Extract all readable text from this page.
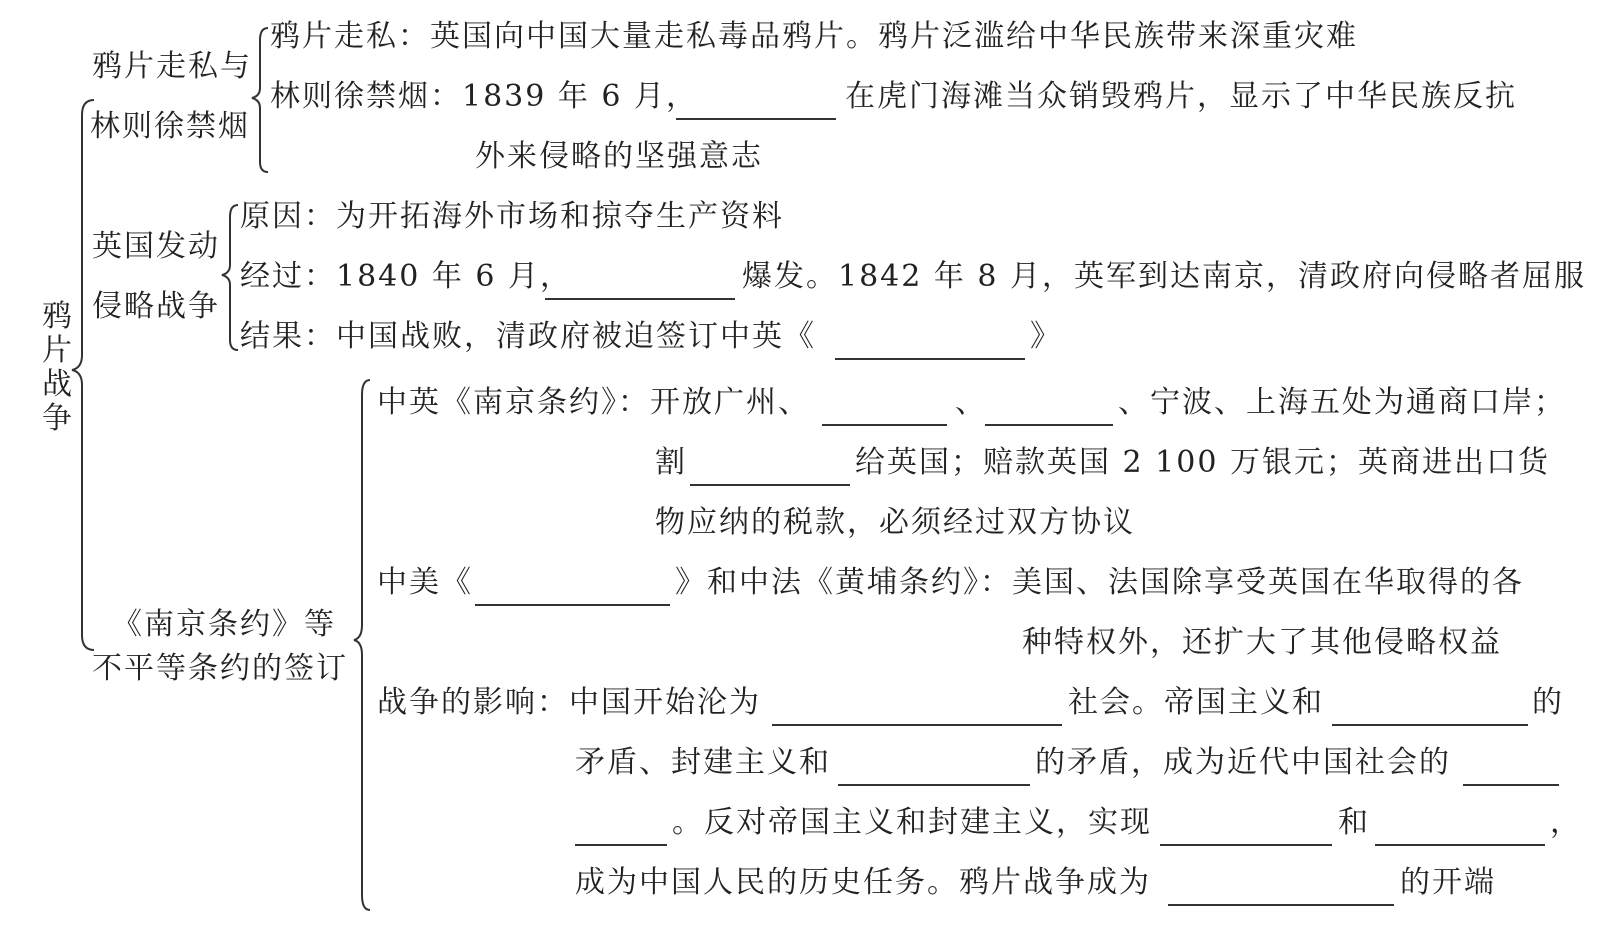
鸦
片
战
争
鸦片走私与
林则徐禁烟
鸦片走私：英国向中国大量走私毒品鸦片。鸦片泛滥给中华民族带来深重灾难
林则徐禁烟：1839 年 6 月，	在虎门海滩当众销毁鸦片，显示了中华民族反抗
外来侵略的坚强意志
英国发动
侵略战争
原因：为开拓海外市场和掠夺生产资料
经过：1840 年 6 月，	爆发。1842 年 8 月，英军到达南京，清政府向侵略者屈服
结果：中国战败，清政府被迫签订中英《	》
《南京条约》等
不平等条约的签订
中英《南京条约》：开放广州、	、	、宁波、上海五处为通商口岸；
割	给英国；赔款英国 2 100 万银元；英商进出口货
物应纳的税款，必须经过双方协议
中美《	》和中法《黄埔条约》：美国、法国除享受英国在华取得的各
种特权外，还扩大了其他侵略权益
战争的影响：中国开始沦为	社会。帝国主义和	的
矛盾、封建主义和	的矛盾，成为近代中国社会的
。反对帝国主义和封建主义，实现	和	，
成为中国人民的历史任务。鸦片战争成为	的开端
